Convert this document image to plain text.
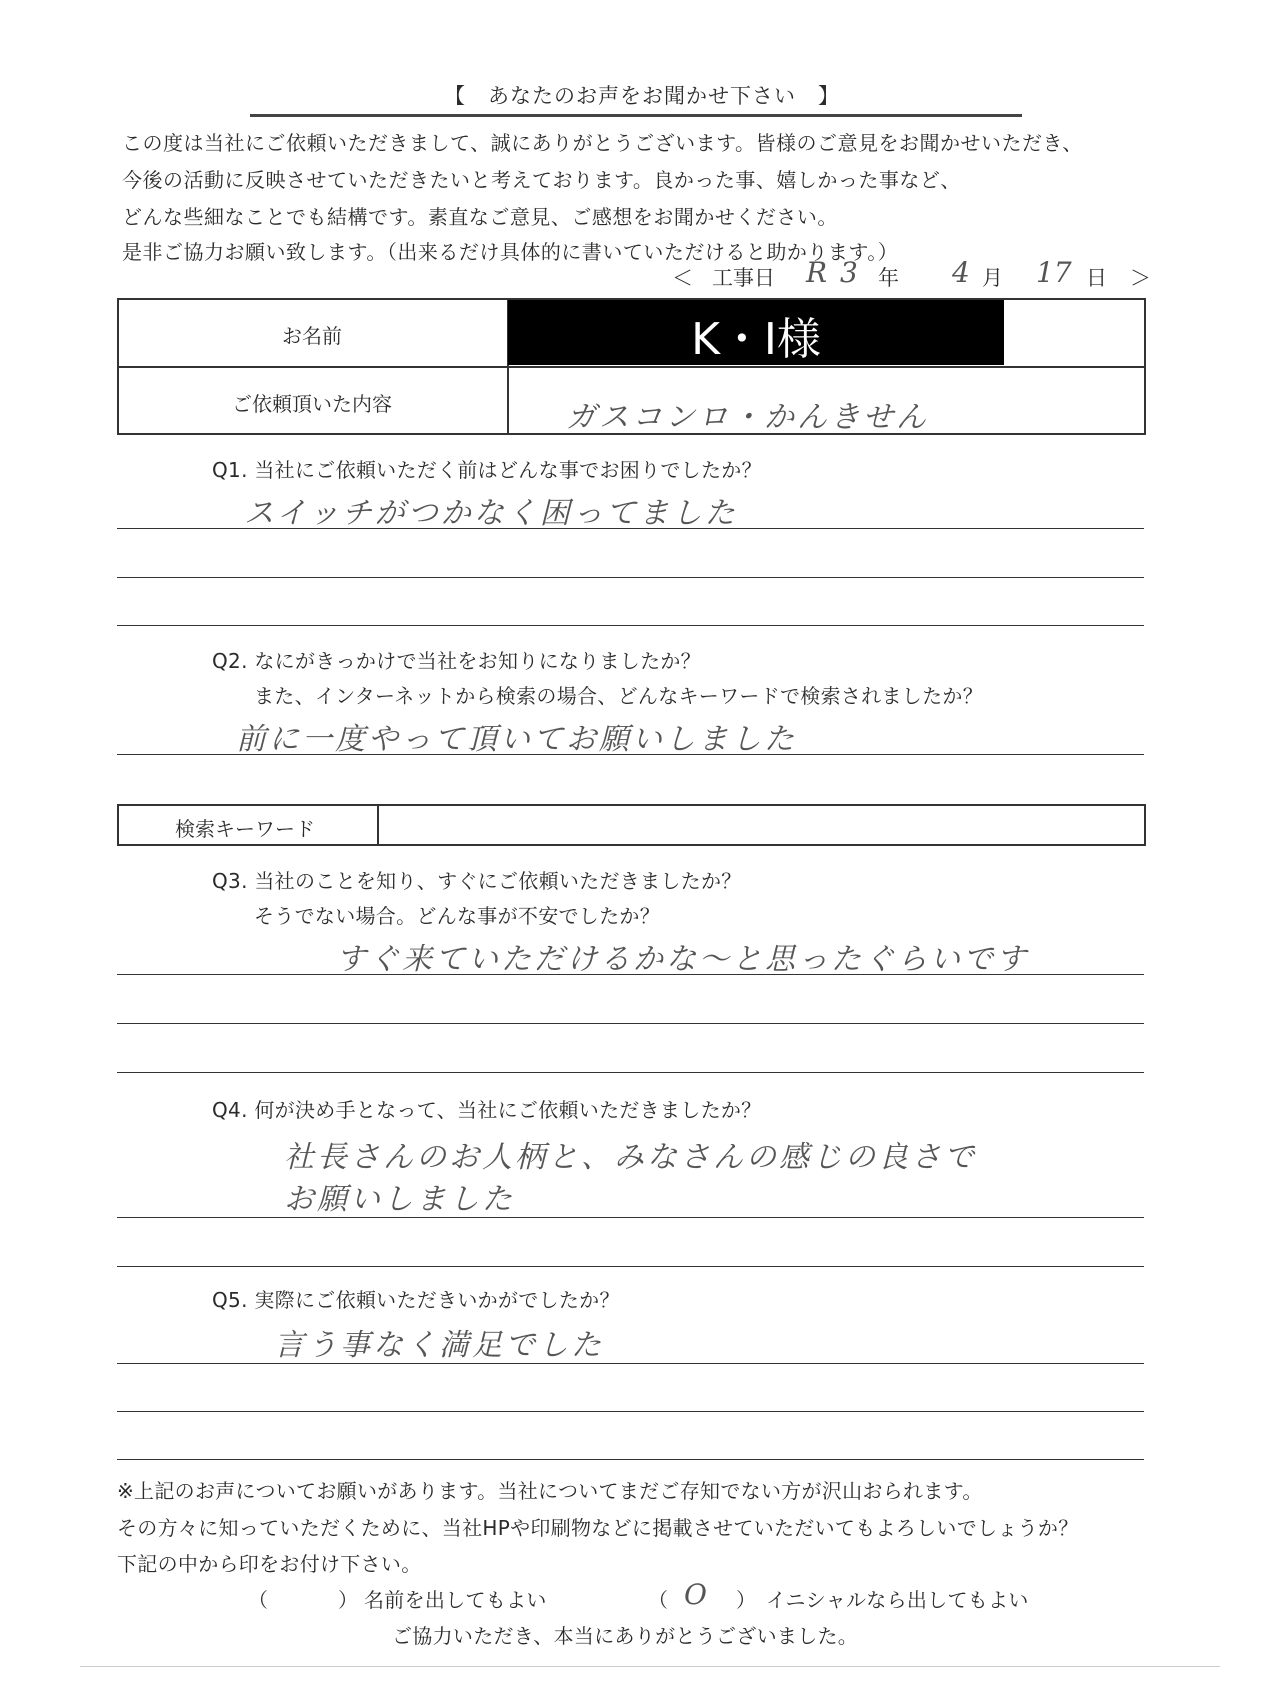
【　あなたのお声をお聞かせ下さい　】
この度は当社にご依頼いただきまして、誠にありがとうございます。皆様のご意見をお聞かせいただき、
今後の活動に反映させていただきたいと考えております。良かった事、嬉しかった事など、
どんな些細なことでも結構です。素直なご意見、ご感想をお聞かせください。
是非ご協力お願い致します。（出来るだけ具体的に書いていただけると助かります。）
＜ 工事日 R 3 年 4 月 17 日 ＞
お名前	K・I様
ご依頼頂いた内容	ガスコンロ・かんきせん
Q1. 当社にご依頼いただく前はどんな事でお困りでしたか？
スイッチがつかなく困ってました
Q2. なにがきっかけで当社をお知りになりましたか？
また、インターネットから検索の場合、どんなキーワードで検索されましたか？
前に一度やって頂いてお願いしました
検索キーワード
Q3. 当社のことを知り、すぐにご依頼いただきましたか？
そうでない場合。どんな事が不安でしたか？
すぐ来ていただけるかな～と思ったぐらいです
Q4. 何が決め手となって、当社にご依頼いただきましたか？
社長さんのお人柄と、みなさんの感じの良さで
お願いしました
Q5. 実際にご依頼いただきいかがでしたか？
言う事なく満足でした
※上記のお声についてお願いがあります。当社についてまだご存知でない方が沢山おられます。
その方々に知っていただくために、当社HPや印刷物などに掲載させていただいてもよろしいでしょうか？
下記の中から印をお付け下さい。
（	） 名前を出してもよい	（ O ） イニシャルなら出してもよい
ご協力いただき、本当にありがとうございました。
